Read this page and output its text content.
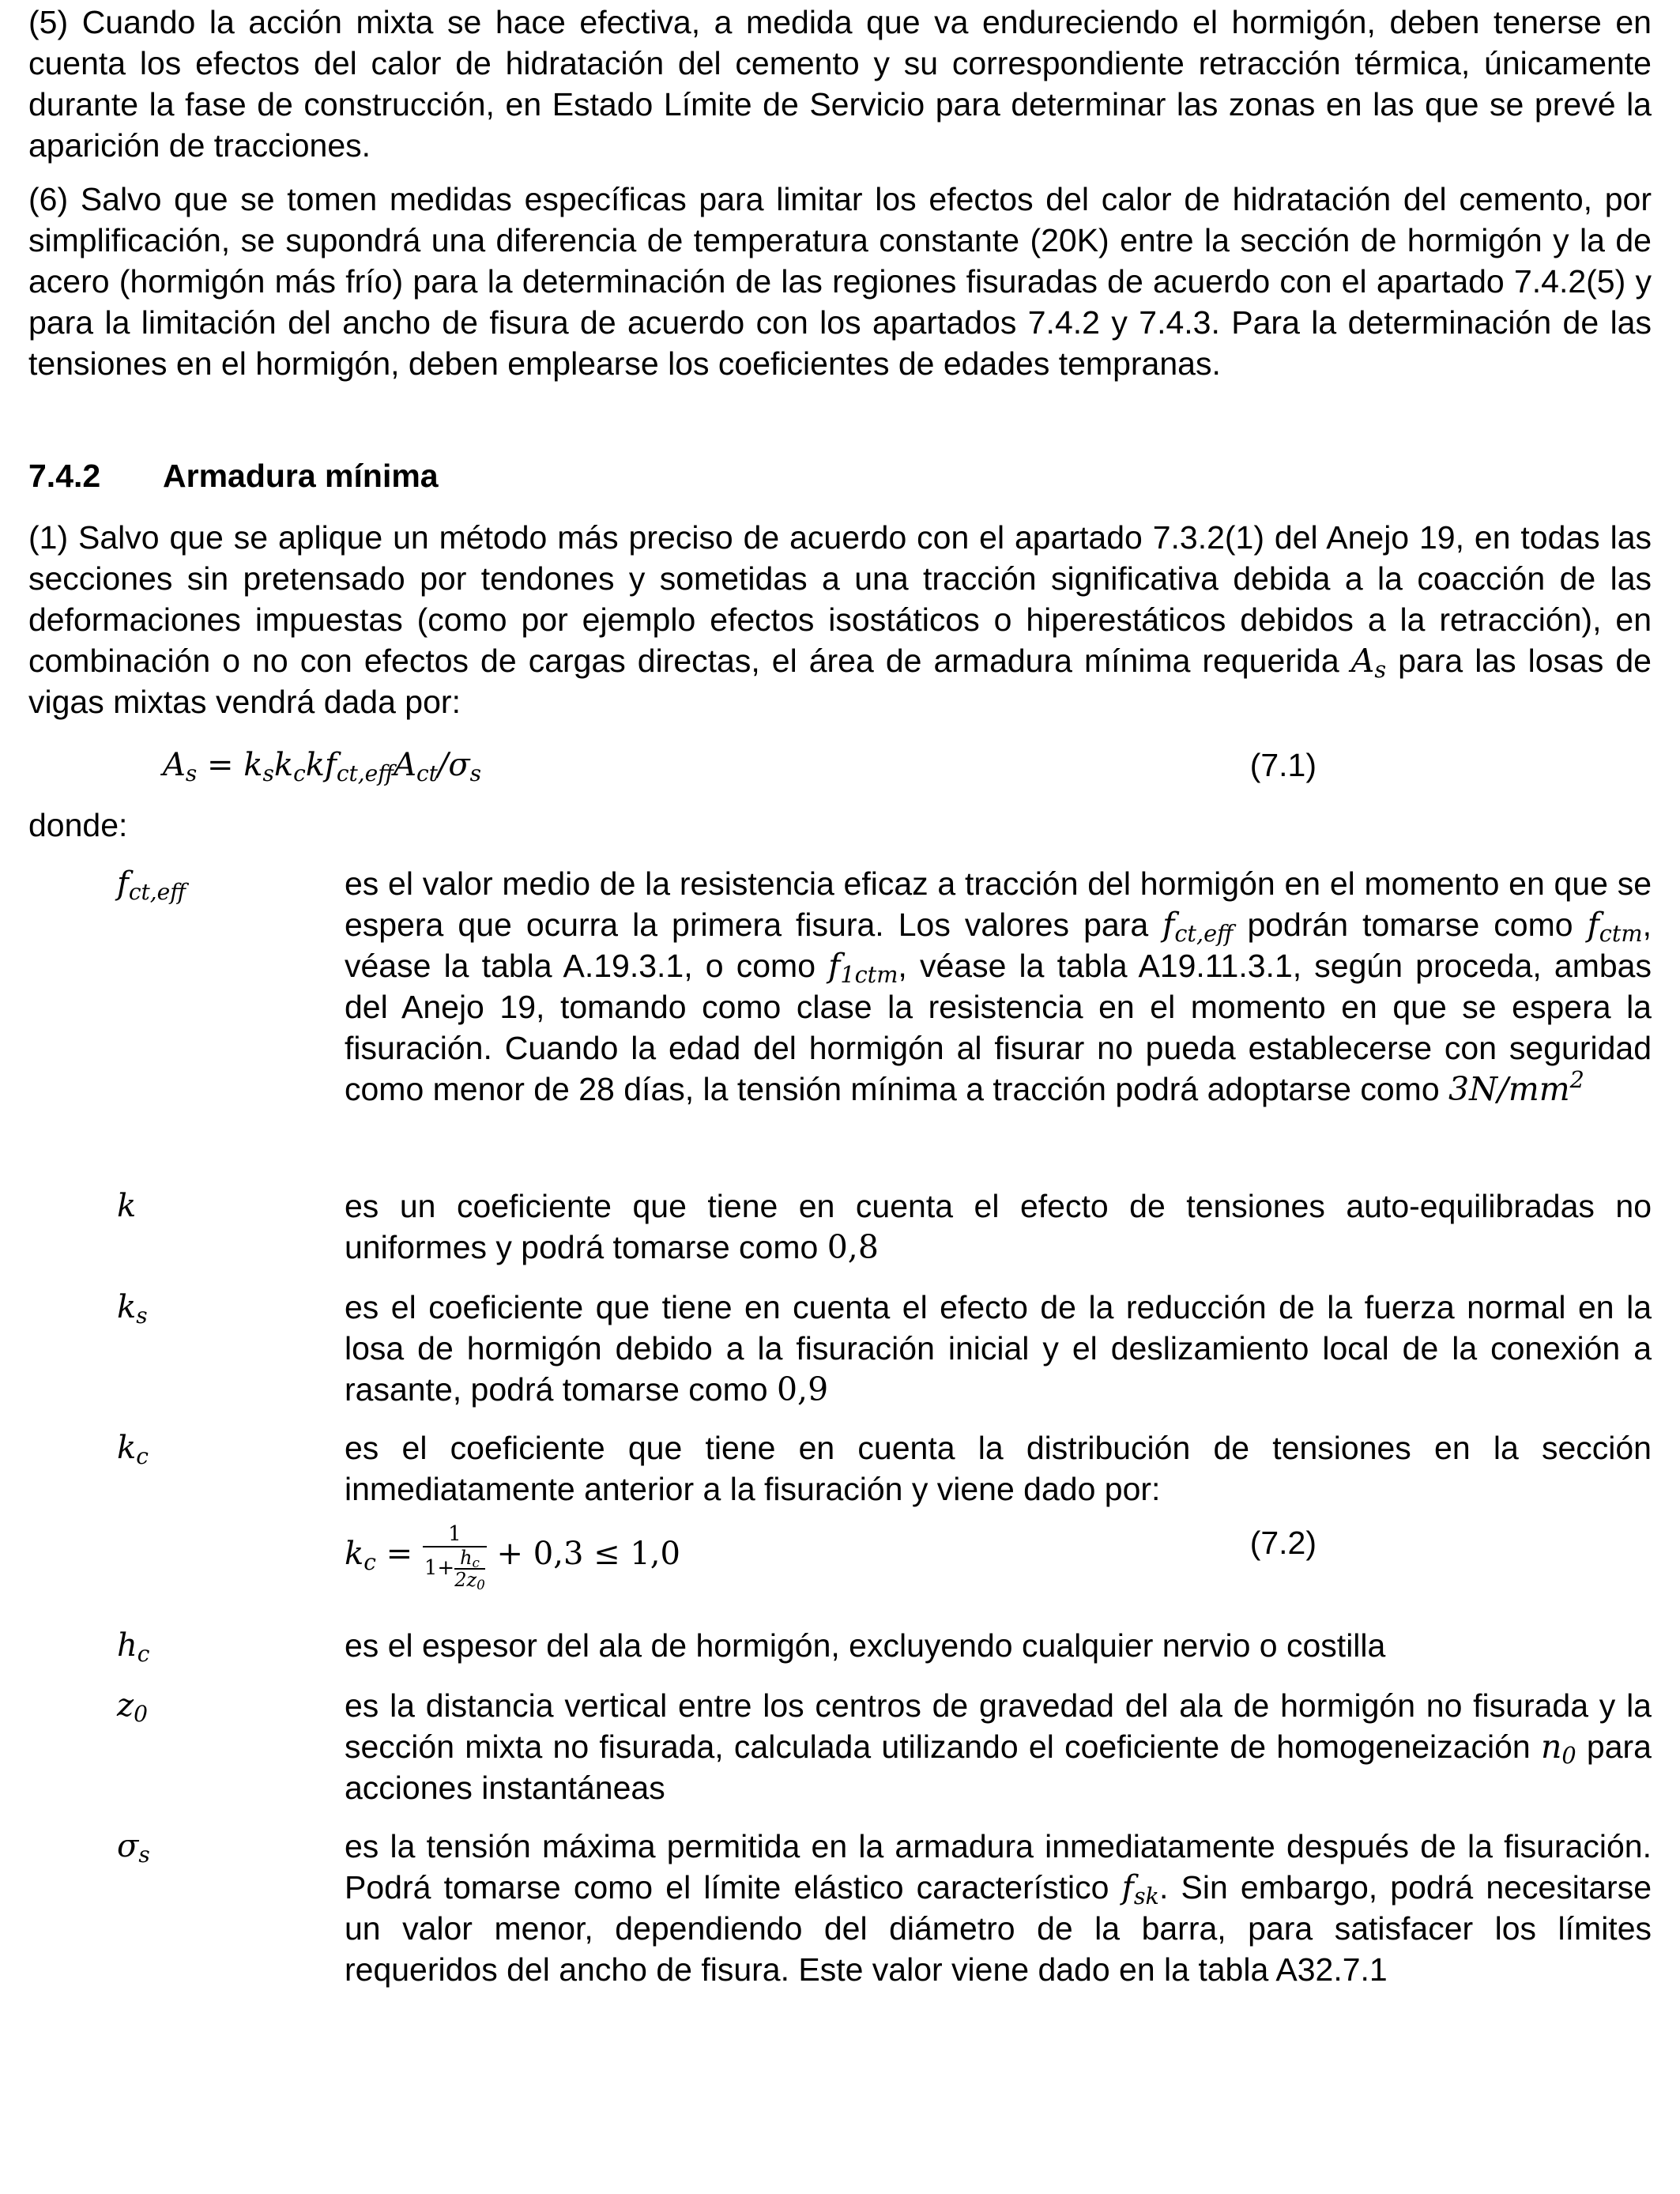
(5) Cuando la acción mixta se hace efectiva, a medida que va endureciendo el hormigón, deben tenerse en cuenta los efectos del calor de hidratación del cemento y su correspondiente retracción térmica, únicamente durante la fase de construcción, en Estado Límite de Servicio para determinar las zonas en las que se prevé la aparición de tracciones.

(6) Salvo que se tomen medidas específicas para limitar los efectos del calor de hidratación del cemento, por simplificación, se supondrá una diferencia de temperatura constante (20K) entre la sección de hormigón y la de acero (hormigón más frío) para la determinación de las regiones fisuradas de acuerdo con el apartado 7.4.2(5) y para la limitación del ancho de fisura de acuerdo con los apartados 7.4.2 y 7.4.3. Para la determinación de las tensiones en el hormigón, deben emplearse los coeficientes de edades tempranas.

7.4.2 Armadura mínima

(1) Salvo que se aplique un método más preciso de acuerdo con el apartado 7.3.2(1) del Anejo 19, en todas las secciones sin pretensado por tendones y sometidas a una tracción significativa debida a la coacción de las deformaciones impuestas (como por ejemplo efectos isostáticos o hiperestáticos debidos a la retracción), en combinación o no con efectos de cargas directas, el área de armadura mínima requerida $A_s$ para las losas de vigas mixtas vendrá dada por:

$A_s = k_sk_ckf_{ct,eff}A_{ct}/\sigma_s$	(7.1)

donde:

$f_{ct,eff}$	es el valor medio de la resistencia eficaz a tracción del hormigón en el momento en que se espera que ocurra la primera fisura. Los valores para $f_{ct,eff}$ podrán tomarse como $f_{ctm}$, véase la tabla A.19.3.1, o como $f_{1ctm}$, véase la tabla A19.11.3.1, según proceda, ambas del Anejo 19, tomando como clase la resistencia en el momento en que se espera la fisuración. Cuando la edad del hormigón al fisurar no pueda establecerse con seguridad como menor de 28 días, la tensión mínima a tracción podrá adoptarse como $3N/mm^2$

k	es un coeficiente que tiene en cuenta el efecto de tensiones auto-equilibradas no uniformes y podrá tomarse como 0,8

$k_s$	es el coeficiente que tiene en cuenta el efecto de la reducción de la fuerza normal en la losa de hormigón debido a la fisuración inicial y el deslizamiento local de la conexión a rasante, podrá tomarse como 0,9

$k_c$	es el coeficiente que tiene en cuenta la distribución de tensiones en la sección inmediatamente anterior a la fisuración y viene dado por:

$k_c = \frac{1}{1+ \frac{h_c}{2z_0}} + 0,3 \le 1,0$	(7.2)
$h_c$	es el espesor del ala de hormigón, excluyendo cualquier nervio o costilla

$z_0$	es la distancia vertical entre los centros de gravedad del ala de hormigón no fisurada y la sección mixta no fisurada, calculada utilizando el coeficiente de homogeneización $n_0$ para acciones instantáneas

$\sigma_s$	es la tensión máxima permitida en la armadura inmediatamente después de la fisuración. Podrá tomarse como el límite elástico característico $f_{sk}$. Sin embargo, podrá necesitarse un valor menor, dependiendo del diámetro de la barra, para satisfacer los límites requeridos del ancho de fisura. Este valor viene dado en la tabla A32.7.1
